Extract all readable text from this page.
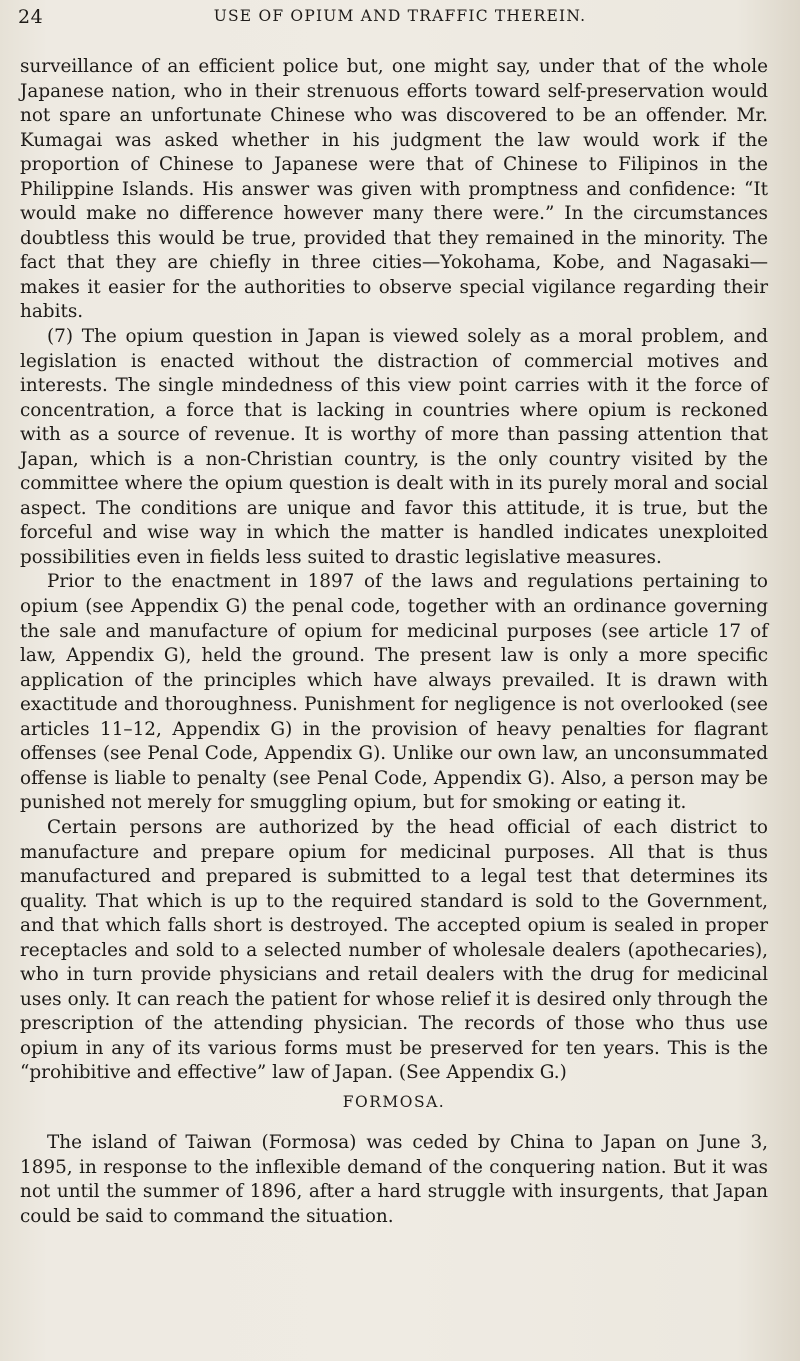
24	USE OF OPIUM AND TRAFFIC THEREIN.

surveillance of an efficient police but, one might say, under that of the whole Japanese nation, who in their strenuous efforts toward self-preservation would not spare an unfortunate Chinese who was discovered to be an offender. Mr. Kumagai was asked whether in his judgment the law would work if the proportion of Chinese to Japanese were that of Chinese to Filipinos in the Philippine Islands. His answer was given with promptness and confidence: “It would make no difference however many there were.” In the circumstances doubtless this would be true, provided that they remained in the minority. The fact that they are chiefly in three cities—Yokohama, Kobe, and Nagasaki—makes it easier for the authorities to observe special vigilance regarding their habits.

(7) The opium question in Japan is viewed solely as a moral problem, and legislation is enacted without the distraction of commercial motives and interests. The single mindedness of this view point carries with it the force of concentration, a force that is lacking in countries where opium is reckoned with as a source of revenue. It is worthy of more than passing attention that Japan, which is a non-Christian country, is the only country visited by the committee where the opium question is dealt with in its purely moral and social aspect. The conditions are unique and favor this attitude, it is true, but the forceful and wise way in which the matter is handled indicates unexploited possibilities even in fields less suited to drastic legislative measures.

Prior to the enactment in 1897 of the laws and regulations pertaining to opium (see Appendix G) the penal code, together with an ordinance governing the sale and manufacture of opium for medicinal purposes (see article 17 of law, Appendix G), held the ground. The present law is only a more specific application of the principles which have always prevailed. It is drawn with exactitude and thoroughness. Punishment for negligence is not overlooked (see articles 11–12, Appendix G) in the provision of heavy penalties for flagrant offenses (see Penal Code, Appendix G). Unlike our own law, an unconsummated offense is liable to penalty (see Penal Code, Appendix G). Also, a person may be punished not merely for smuggling opium, but for smoking or eating it.

Certain persons are authorized by the head official of each district to manufacture and prepare opium for medicinal purposes. All that is thus manufactured and prepared is submitted to a legal test that determines its quality. That which is up to the required standard is sold to the Government, and that which falls short is destroyed. The accepted opium is sealed in proper receptacles and sold to a selected number of wholesale dealers (apothecaries), who in turn provide physicians and retail dealers with the drug for medicinal uses only. It can reach the patient for whose relief it is desired only through the prescription of the attending physician. The records of those who thus use opium in any of its various forms must be preserved for ten years. This is the “prohibitive and effective” law of Japan. (See Appendix G.)

FORMOSA.

The island of Taiwan (Formosa) was ceded by China to Japan on June 3, 1895, in response to the inflexible demand of the conquering nation. But it was not until the summer of 1896, after a hard struggle with insurgents, that Japan could be said to command the situation.
